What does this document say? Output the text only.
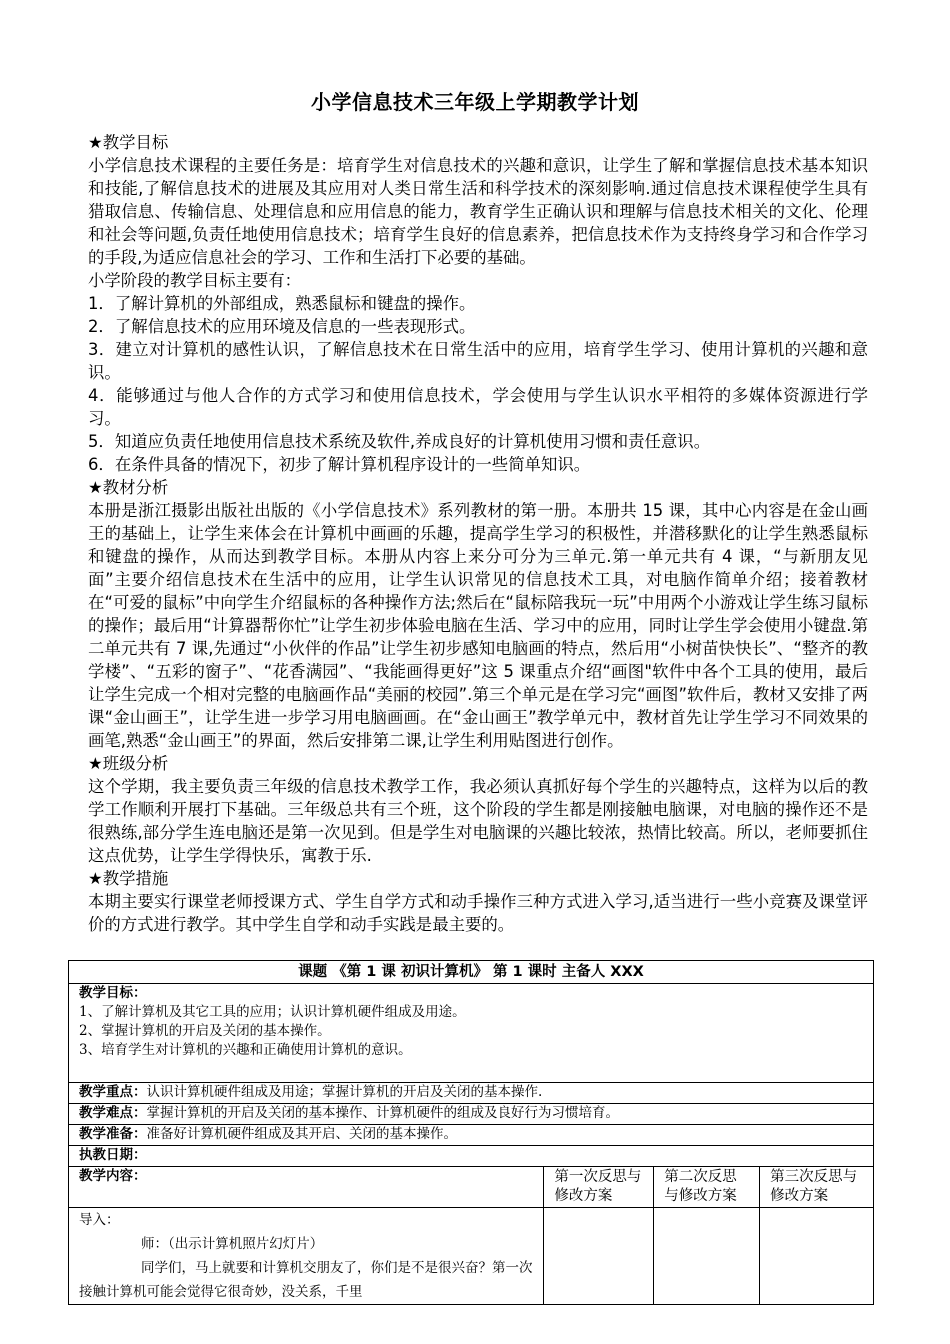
小学信息技术三年级上学期教学计划

★教学目标

小学信息技术课程的主要任务是：培育学生对信息技术的兴趣和意识，让学生了解和掌握信息技术基本知识和技能,了解信息技术的进展及其应用对人类日常生活和科学技术的深刻影响.通过信息技术课程使学生具有猎取信息、传输信息、处理信息和应用信息的能力，教育学生正确认识和理解与信息技术相关的文化、伦理和社会等问题,负责任地使用信息技术；培育学生良好的信息素养，把信息技术作为支持终身学习和合作学习的手段,为适应信息社会的学习、工作和生活打下必要的基础。

小学阶段的教学目标主要有：

1．了解计算机的外部组成，熟悉鼠标和键盘的操作。

2．了解信息技术的应用环境及信息的一些表现形式。

3．建立对计算机的感性认识，了解信息技术在日常生活中的应用，培育学生学习、使用计算机的兴趣和意识。

4．能够通过与他人合作的方式学习和使用信息技术，学会使用与学生认识水平相符的多媒体资源进行学习。

5．知道应负责任地使用信息技术系统及软件,养成良好的计算机使用习惯和责任意识。

6．在条件具备的情况下，初步了解计算机程序设计的一些简单知识。

★教材分析

本册是浙江摄影出版社出版的《小学信息技术》系列教材的第一册。本册共 15 课，其中心内容是在金山画王的基础上，让学生来体会在计算机中画画的乐趣，提高学生学习的积极性，并潜移默化的让学生熟悉鼠标和键盘的操作，从而达到教学目标。本册从内容上来分可分为三单元.第一单元共有 4 课，“与新朋友见面”主要介绍信息技术在生活中的应用，让学生认识常见的信息技术工具，对电脑作简单介绍；接着教材在“可爱的鼠标”中向学生介绍鼠标的各种操作方法;然后在“鼠标陪我玩一玩”中用两个小游戏让学生练习鼠标的操作；最后用“计算器帮你忙”让学生初步体验电脑在生活、学习中的应用，同时让学生学会使用小键盘.第二单元共有 7 课,先通过“小伙伴的作品”让学生初步感知电脑画的特点，然后用“小树苗快快长”、“整齐的教学楼”、“五彩的窗子”、“花香满园”、“我能画得更好”这 5 课重点介绍“画图"软件中各个工具的使用，最后让学生完成一个相对完整的电脑画作品“美丽的校园”.第三个单元是在学习完“画图”软件后，教材又安排了两课“金山画王”，让学生进一步学习用电脑画画。在“金山画王”教学单元中，教材首先让学生学习不同效果的画笔,熟悉“金山画王”的界面，然后安排第二课,让学生利用贴图进行创作。

★班级分析

这个学期，我主要负责三年级的信息技术教学工作，我必须认真抓好每个学生的兴趣特点，这样为以后的教学工作顺利开展打下基础。三年级总共有三个班，这个阶段的学生都是刚接触电脑课，对电脑的操作还不是很熟练,部分学生连电脑还是第一次见到。但是学生对电脑课的兴趣比较浓，热情比较高。所以，老师要抓住这点优势，让学生学得快乐，寓教于乐.

★教学措施

本期主要实行课堂老师授课方式、学生自学方式和动手操作三种方式进入学习,适当进行一些小竞赛及课堂评价的方式进行教学。其中学生自学和动手实践是最主要的。

课题 《第 1 课 初识计算机》 第 1 课时 主备人 XXX			

教学目标：
1、了解计算机及其它工具的应用；认识计算机硬件组成及用途。
2、掌握计算机的开启及关闭的基本操作。
3、培育学生对计算机的兴趣和正确使用计算机的意识。			

教学重点：认识计算机硬件组成及用途；掌握计算机的开启及关闭的基本操作.			
教学难点：掌握计算机的开启及关闭的基本操作、计算机硬件的组成及良好行为习惯培育。			
教学准备：准备好计算机硬件组成及其开启、关闭的基本操作。			
执教日期：			
教学内容：	第一次反思与修改方案	第二次反思与修改方案	第三次反思与修改方案

导入：
师：（出示计算机照片幻灯片）
同学们，马上就要和计算机交朋友了，你们是不是很兴奋？第一次接触计算机可能会觉得它很奇妙，没关系，千里			
